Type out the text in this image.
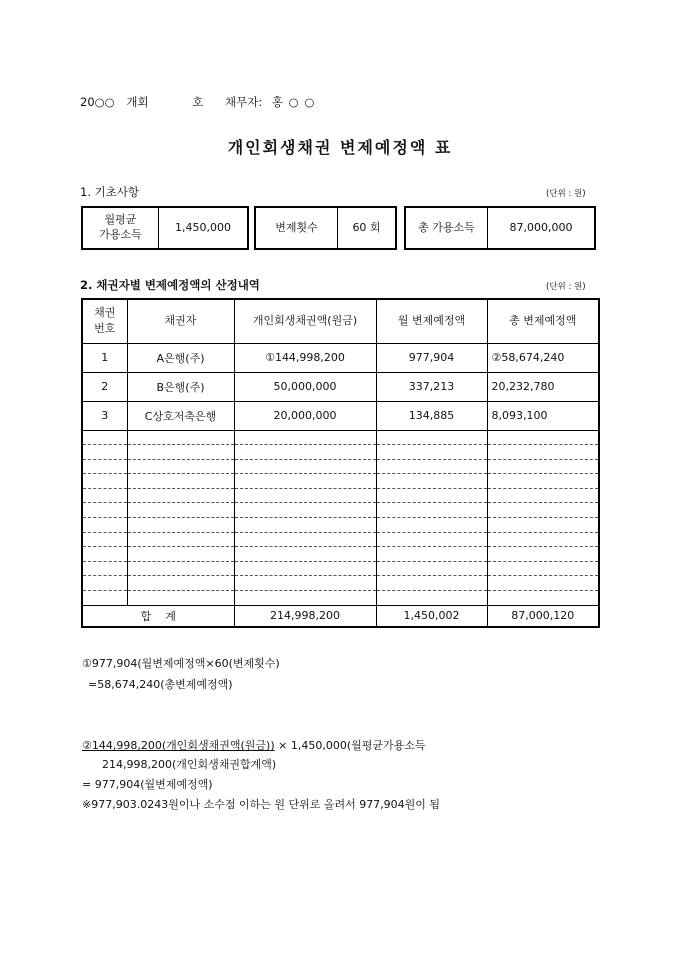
20○○ 개회	호 채무자: 홍 ○ ○
개인회생채권 변제예정액 표
1. 기초사항	(단위 : 원)
월평균
가용소득
1,450,000	변제횟수	60 회	총 가용소득	87,000,000
2. 채권자별 변제예정액의 산정내역	(단위 : 원)
채권
번호	채권자	개인회생채권액(원금)	월 변제예정액	총 변제예정액
1	A은행(주)	①144,998,200	977,904	②58,674,240
2	B은행(주)	50,000,000	337,213	20,232,780
3	C상호저축은행	20,000,000	134,885	8,093,100

합    계		214,998,200	1,450,002	87,000,120
①977,904(월변제예정액×60(변제횟수)
=58,674,240(총변제예정액)
②144,998,200(개인회생채권액(원금)) × 1,450,000(월평균가용소득
214,998,200(개인회생채권합계액)
= 977,904(월변제예정액)
※977,903.0243원이나 소수점 이하는 원 단위로 올려서 977,904원이 됨
